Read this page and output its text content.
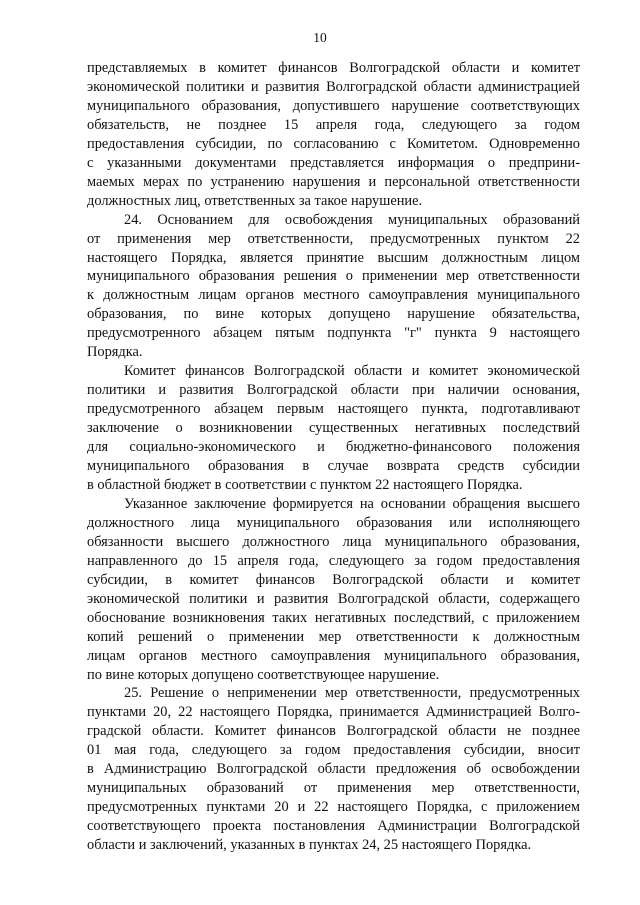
10
представляемых в комитет финансов Волгоградской области и комитет
экономической политики и развития Волгоградской области администрацией
муниципального образования, допустившего нарушение соответствующих
обязательств, не позднее 15 апреля года, следующего за годом
предоставления субсидии, по согласованию с Комитетом. Одновременно
с указанными документами представляется информация о предприни-
маемых мерах по устранению нарушения и персональной ответственности
должностных лиц, ответственных за такое нарушение.
24. Основанием для освобождения муниципальных образований
от применения мер ответственности, предусмотренных пунктом 22
настоящего Порядка, является принятие высшим должностным лицом
муниципального образования решения о применении мер ответственности
к должностным лицам органов местного самоуправления муниципального
образования, по вине которых допущено нарушение обязательства,
предусмотренного абзацем пятым подпункта "г" пункта 9 настоящего
Порядка.
Комитет финансов Волгоградской области и комитет экономической
политики и развития Волгоградской области при наличии основания,
предусмотренного абзацем первым настоящего пункта, подготавливают
заключение о возникновении существенных негативных последствий
для социально-экономического и бюджетно-финансового положения
муниципального образования в случае возврата средств субсидии
в областной бюджет в соответствии с пунктом 22 настоящего Порядка.
Указанное заключение формируется на основании обращения высшего
должностного лица муниципального образования или исполняющего
обязанности высшего должностного лица муниципального образования,
направленного до 15 апреля года, следующего за годом предоставления
субсидии, в комитет финансов Волгоградской области и комитет
экономической политики и развития Волгоградской области, содержащего
обоснование возникновения таких негативных последствий, с приложением
копий решений о применении мер ответственности к должностным
лицам органов местного самоуправления муниципального образования,
по вине которых допущено соответствующее нарушение.
25. Решение о неприменении мер ответственности, предусмотренных
пунктами 20, 22 настоящего Порядка, принимается Администрацией Волго-
градской области. Комитет финансов Волгоградской области не позднее
01 мая года, следующего за годом предоставления субсидии, вносит
в Администрацию Волгоградской области предложения об освобождении
муниципальных образований от применения мер ответственности,
предусмотренных пунктами 20 и 22 настоящего Порядка, с приложением
соответствующего проекта постановления Администрации Волгоградской
области и заключений, указанных в пунктах 24, 25 настоящего Порядка.
